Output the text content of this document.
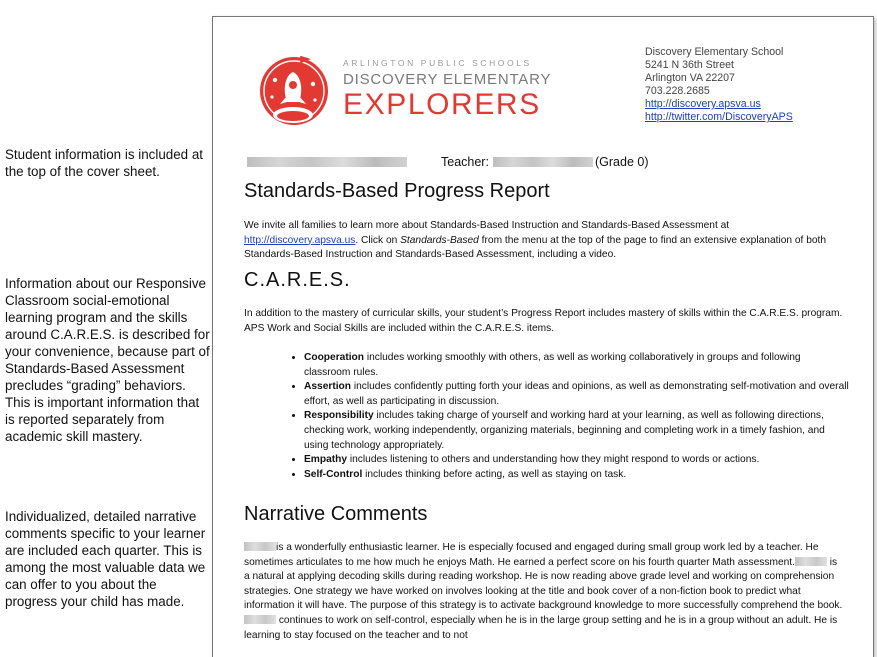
Student information is included at the top of the cover sheet.
Information about our Responsive Classroom social-emotional learning program and the skills around C.A.R.E.S. is described for your convenience, because part of Standards-Based Assessment precludes “grading” behaviors. This is important information that is reported separately from academic skill mastery.
Individualized, detailed narrative comments specific to your learner are included each quarter. This is among the most valuable data we can offer to you about the progress your child has made.
ARLINGTON PUBLIC SCHOOLS
DISCOVERY ELEMENTARY
EXPLORERS
Discovery Elementary School
5241 N 36th Street
Arlington VA 22207
703.228.2685
http://discovery.apsva.us
http://twitter.com/DiscoveryAPS
Teacher:	(Grade 0)
Standards-Based Progress Report
We invite all families to learn more about Standards-Based Instruction and Standards-Based Assessment at http://discovery.apsva.us. Click on Standards-Based from the menu at the top of the page to find an extensive explanation of both Standards-Based Instruction and Standards-Based Assessment, including a video.
C.A.R.E.S.
In addition to the mastery of curricular skills, your student’s Progress Report includes mastery of skills within the C.A.R.E.S. program. APS Work and Social Skills are included within the C.A.R.E.S. items.
• Cooperation includes working smoothly with others, as well as working collaboratively in groups and following classroom rules.
• Assertion includes confidently putting forth your ideas and opinions, as well as demonstrating self-motivation and overall effort, as well as participating in discussion.
• Responsibility includes taking charge of yourself and working hard at your learning, as well as following directions, checking work, working independently, organizing materials, beginning and completing work in a timely fashion, and using technology appropriately.
• Empathy includes listening to others and understanding how they might respond to words or actions.
• Self-Control includes thinking before acting, as well as staying on task.
Narrative Comments
is a wonderfully enthusiastic learner. He is especially focused and engaged during small group work led by a teacher. He sometimes articulates to me how much he enjoys Math. He earned a perfect score on his fourth quarter Math assessment.	is a natural at applying decoding skills during reading workshop. He is now reading above grade level and working on comprehension strategies. One strategy we have worked on involves looking at the title and book cover of a non-fiction book to predict what information it will have. The purpose of this strategy is to activate background knowledge to more successfully comprehend the book. continues to work on self-control, especially when he is in the large group setting and he is in a group without an adult. He is learning to stay focused on the teacher and to not
